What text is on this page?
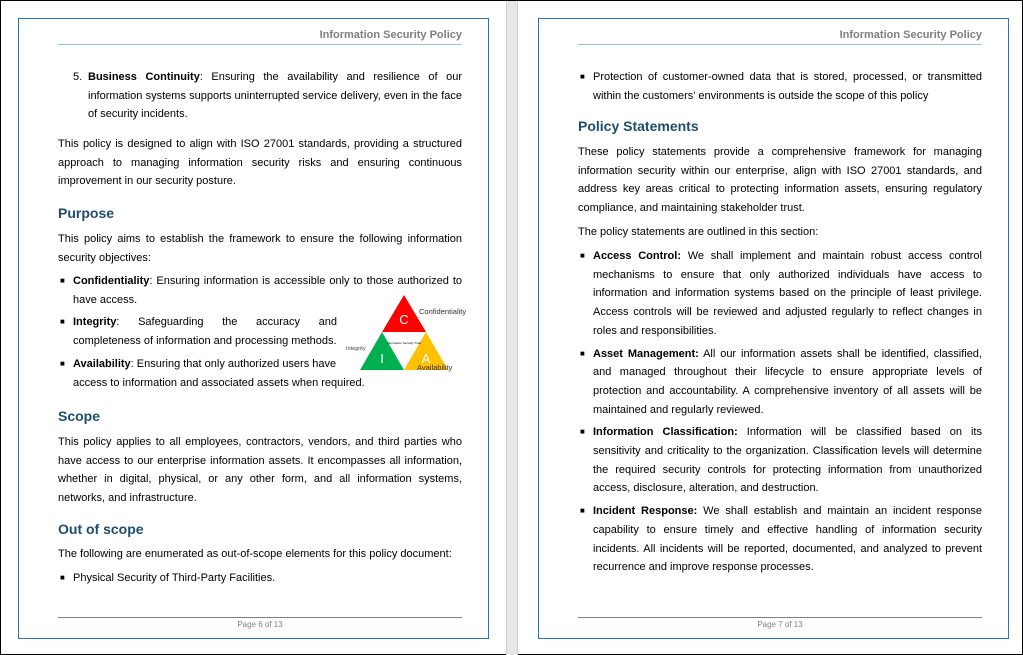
Information Security Policy
5. Business Continuity: Ensuring the availability and resilience of our information systems supports uninterrupted service delivery, even in the face of security incidents.
This policy is designed to align with ISO 27001 standards, providing a structured approach to managing information security risks and ensuring continuous improvement in our security posture.
Purpose
This policy aims to establish the framework to ensure the following information security objectives:
■ Confidentiality: Ensuring information is accessible only to those authorized to have access.
■ Integrity: Safeguarding the accuracy and completeness of information and processing methods.
■ Availability: Ensuring that only authorized users have access to information and associated assets when required.
C
I	A
Information Security Triad
Integrity
Confidentiality
Availability
Scope
This policy applies to all employees, contractors, vendors, and third parties who have access to our enterprise information assets. It encompasses all information, whether in digital, physical, or any other form, and all information systems, networks, and infrastructure.
Out of scope
The following are enumerated as out-of-scope elements for this policy document:
■ Physical Security of Third-Party Facilities.
Page 6 of 13
Information Security Policy
■ Protection of customer-owned data that is stored, processed, or transmitted within the customers' environments is outside the scope of this policy
Policy Statements
These policy statements provide a comprehensive framework for managing information security within our enterprise, align with ISO 27001 standards, and address key areas critical to protecting information assets, ensuring regulatory compliance, and maintaining stakeholder trust.
The policy statements are outlined in this section:
■ Access Control: We shall implement and maintain robust access control mechanisms to ensure that only authorized individuals have access to information and information systems based on the principle of least privilege. Access controls will be reviewed and adjusted regularly to reflect changes in roles and responsibilities.
■ Asset Management: All our information assets shall be identified, classified, and managed throughout their lifecycle to ensure appropriate levels of protection and accountability. A comprehensive inventory of all assets will be maintained and regularly reviewed.
■ Information Classification: Information will be classified based on its sensitivity and criticality to the organization. Classification levels will determine the required security controls for protecting information from unauthorized access, disclosure, alteration, and destruction.
■ Incident Response: We shall establish and maintain an incident response capability to ensure timely and effective handling of information security incidents. All incidents will be reported, documented, and analyzed to prevent recurrence and improve response processes.
Page 7 of 13
